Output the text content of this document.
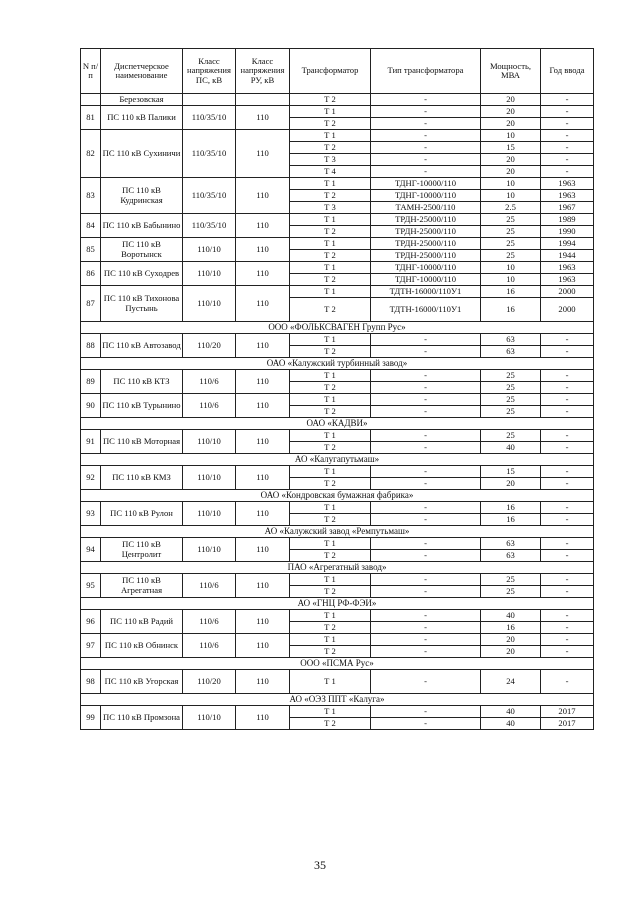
N п/п	Диспетчерское наименование	Класс напряжения ПС, кВ	Класс напряжения РУ, кВ	Трансформатор	Тип трансформатора	Мощность, МВА	Год ввода
	Березовская			Т 2	-	20	-
81	ПС 110 кВ Палики	110/35/10	110	Т 1	-	20	-
				Т 2	-	20	-
82	ПС 110 кВ Сухиничи	110/35/10	110	Т 1	-	10	-
				Т 2	-	15	-
				Т 3	-	20	-
				Т 4	-	20	-
83	ПС 110 кВ Кудринская	110/35/10	110	Т 1	ТДНГ-10000/110	10	1963
				Т 2	ТДНГ-10000/110	10	1963
				Т 3	ТАМН-2500/110	2.5	1967
84	ПС 110 кВ Бабынино	110/35/10	110	Т 1	ТРДН-25000/110	25	1989
				Т 2	ТРДН-25000/110	25	1990
85	ПС 110 кВ Воротынск	110/10	110	Т 1	ТРДН-25000/110	25	1994
				Т 2	ТРДН-25000/110	25	1944
86	ПС 110 кВ Суходрев	110/10	110	Т 1	ТДНГ-10000/110	10	1963
				Т 2	ТДНГ-10000/110	10	1963
87	ПС 110 кВ Тихонова Пустынь	110/10	110	Т 1	ТДТН-16000/110У1	16	2000
				Т 2	ТДТН-16000/110У1	16	2000
ООО «ФОЛЬКСВАГЕН Групп Рус»							
88	ПС 110 кВ Автозавод	110/20	110	Т 1	-	63	-
				Т 2	-	63	-
ОАО «Калужский турбинный завод»							
89	ПС 110 кВ КТЗ	110/6	110	Т 1	-	25	-
				Т 2	-	25	-
90	ПС 110 кВ Турынино	110/6	110	Т 1	-	25	-
				Т 2	-	25	-
ОАО «КАДВИ»							
91	ПС 110 кВ Моторная	110/10	110	Т 1	-	25	-
				Т 2	-	40	-
АО «Калугапутьмаш»							
92	ПС 110 кВ КМЗ	110/10	110	Т 1	-	15	-
				Т 2	-	20	-
ОАО «Кондровская бумажная фабрика»							
93	ПС 110 кВ Рулон	110/10	110	Т 1	-	16	-
				Т 2	-	16	-
АО «Калужский завод «Ремпутьмаш»							
94	ПС 110 кВ Центролит	110/10	110	Т 1	-	63	-
				Т 2	-	63	-
ПАО «Агрегатный завод»							
95	ПС 110 кВ Агрегатная	110/6	110	Т 1	-	25	-
				Т 2	-	25	-
АО «ГНЦ РФ-ФЭИ»							
96	ПС 110 кВ Радий	110/6	110	Т 1	-	40	-
				Т 2	-	16	-
97	ПС 110 кВ Обнинск	110/6	110	Т 1	-	20	-
				Т 2	-	20	-
ООО «ПСМА Рус»							
98	ПС 110 кВ Угорская	110/20	110	Т 1	-	24	-
АО «ОЭЗ ППТ «Калуга»							
99	ПС 110 кВ Промзона	110/10	110	Т 1	-	40	2017
				Т 2	-	40	2017
35
